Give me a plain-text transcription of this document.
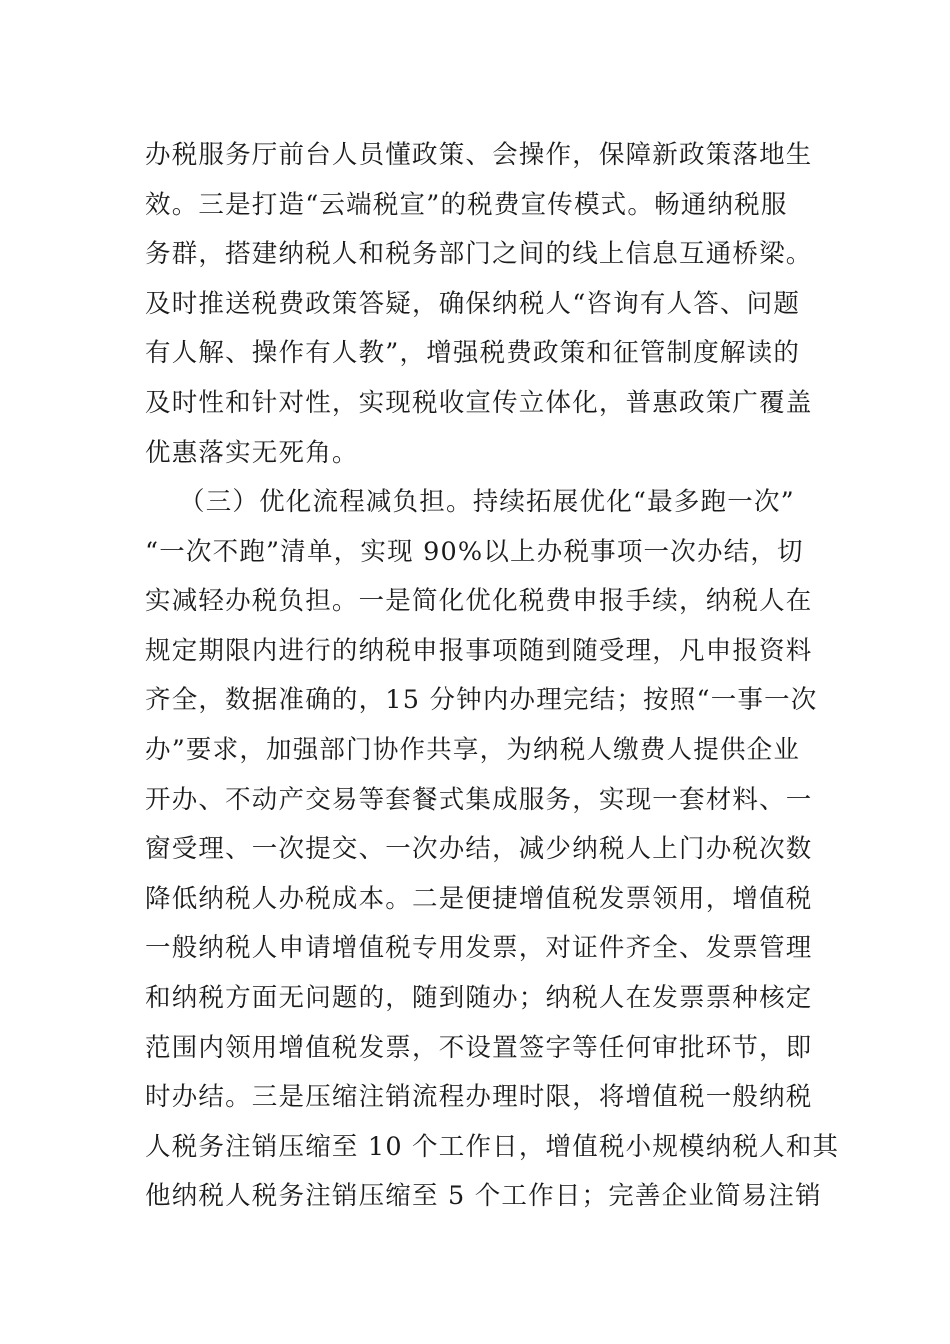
办税服务厅前台人员懂政策、会操作，保障新政策落地生
效。三是打造“云端税宣”的税费宣传模式。畅通纳税服
务群，搭建纳税人和税务部门之间的线上信息互通桥梁。
及时推送税费政策答疑，确保纳税人“咨询有人答、问题
有人解、操作有人教”，增强税费政策和征管制度解读的
及时性和针对性，实现税收宣传立体化，普惠政策广覆盖
优惠落实无死角。
（三）优化流程减负担。持续拓展优化“最多跑一次”
“一次不跑”清单，实现 90%以上办税事项一次办结，切
实减轻办税负担。一是简化优化税费申报手续，纳税人在
规定期限内进行的纳税申报事项随到随受理，凡申报资料
齐全，数据准确的，15 分钟内办理完结；按照“一事一次
办”要求，加强部门协作共享，为纳税人缴费人提供企业
开办、不动产交易等套餐式集成服务，实现一套材料、一
窗受理、一次提交、一次办结，减少纳税人上门办税次数
降低纳税人办税成本。二是便捷增值税发票领用，增值税
一般纳税人申请增值税专用发票，对证件齐全、发票管理
和纳税方面无问题的，随到随办；纳税人在发票票种核定
范围内领用增值税发票，不设置签字等任何审批环节，即
时办结。三是压缩注销流程办理时限，将增值税一般纳税
人税务注销压缩至 10 个工作日，增值税小规模纳税人和其
他纳税人税务注销压缩至 5 个工作日；完善企业简易注销
